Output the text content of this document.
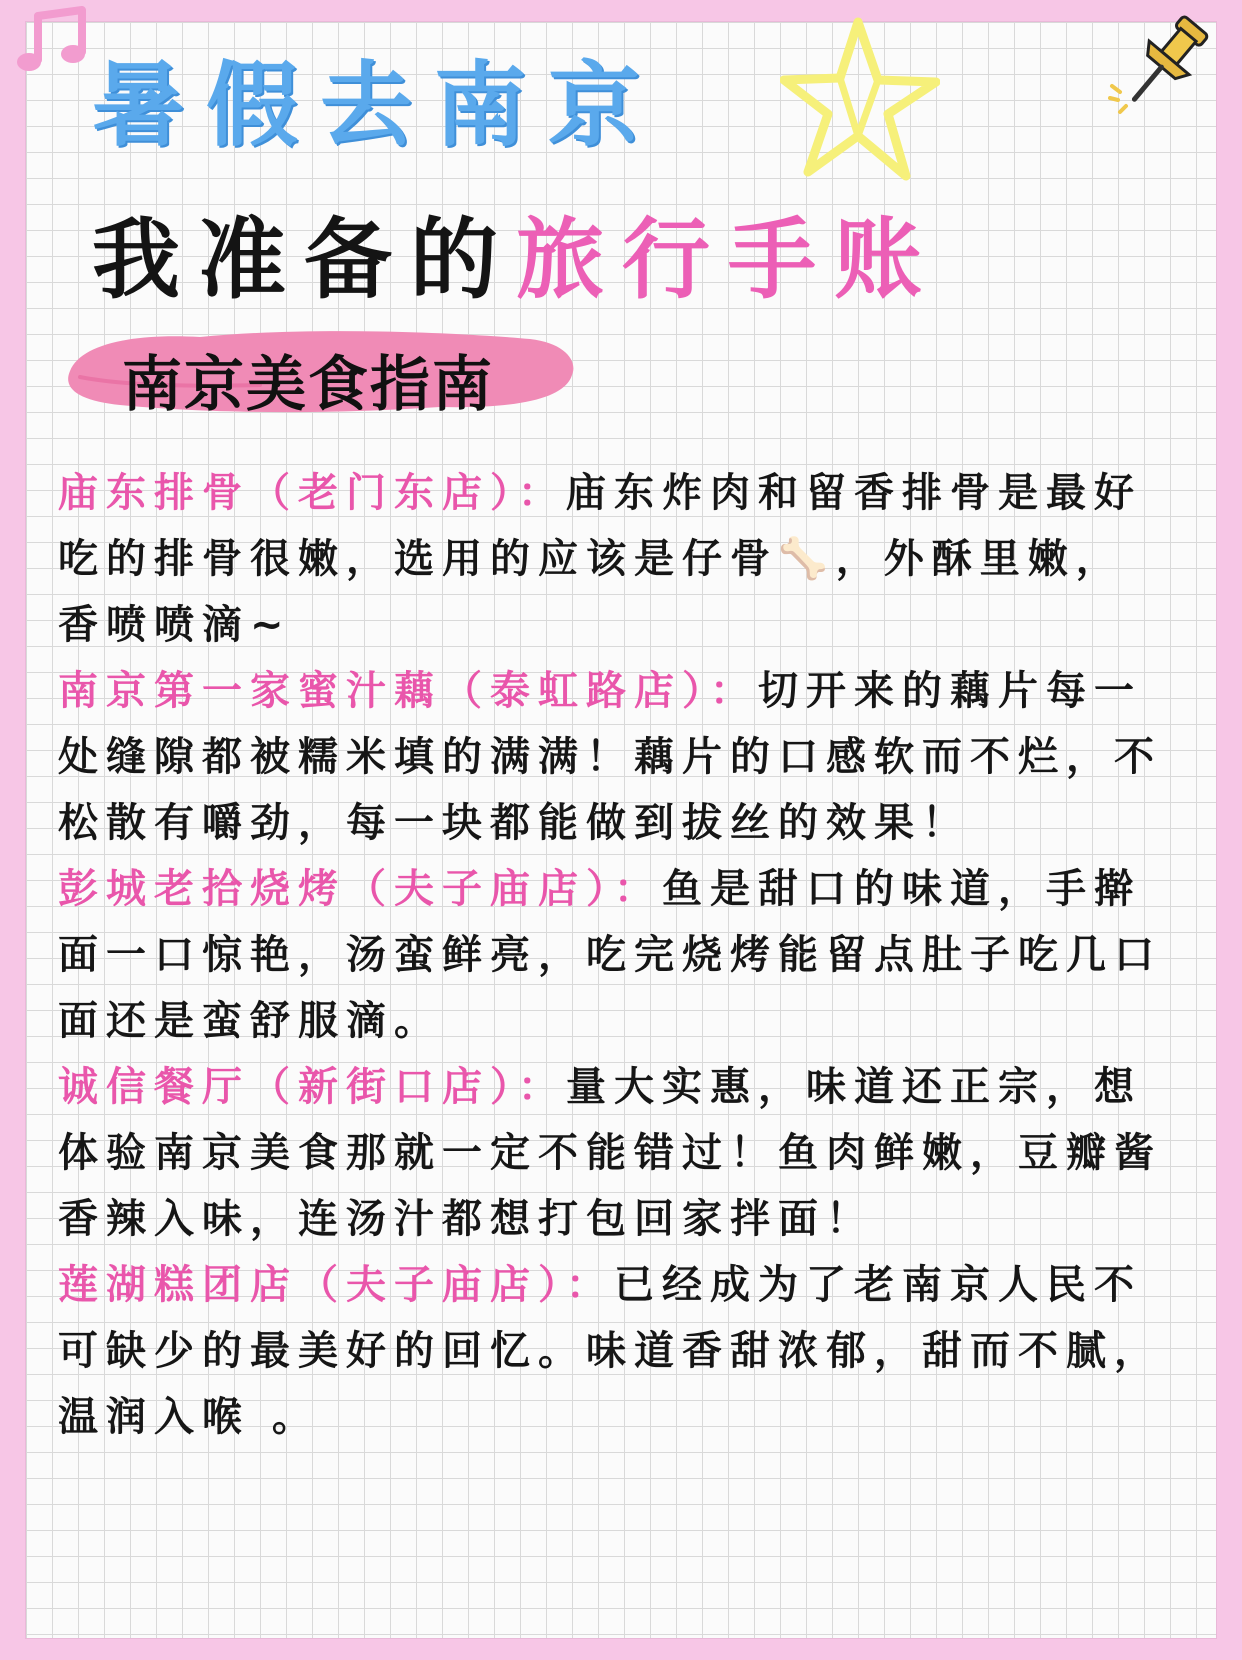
暑假去南京
我准备的旅行手账
南京美食指南

庙东排骨（老门东店）：庙东炸肉和留香排骨是最好吃的排骨很嫩，选用的应该是仔骨🦴，外酥里嫩，香喷喷滴~

南京第一家蜜汁藕（泰虹路店）：切开来的藕片每一处缝隙都被糯米填的满满！藕片的口感软而不烂，不松散有嚼劲，每一块都能做到拔丝的效果！

彭城老拾烧烤（夫子庙店）：鱼是甜口的味道，手擀面一口惊艳，汤蛮鲜亮，吃完烧烤能留点肚子吃几口面还是蛮舒服滴。

诚信餐厅（新街口店）：量大实惠，味道还正宗，想体验南京美食那就一定不能错过！鱼肉鲜嫩，豆瓣酱香辣入味，连汤汁都想打包回家拌面！

莲湖糕团店（夫子庙店）：已经成为了老南京人民不可缺少的最美好的回忆。味道香甜浓郁，甜而不腻，温润入喉 。
